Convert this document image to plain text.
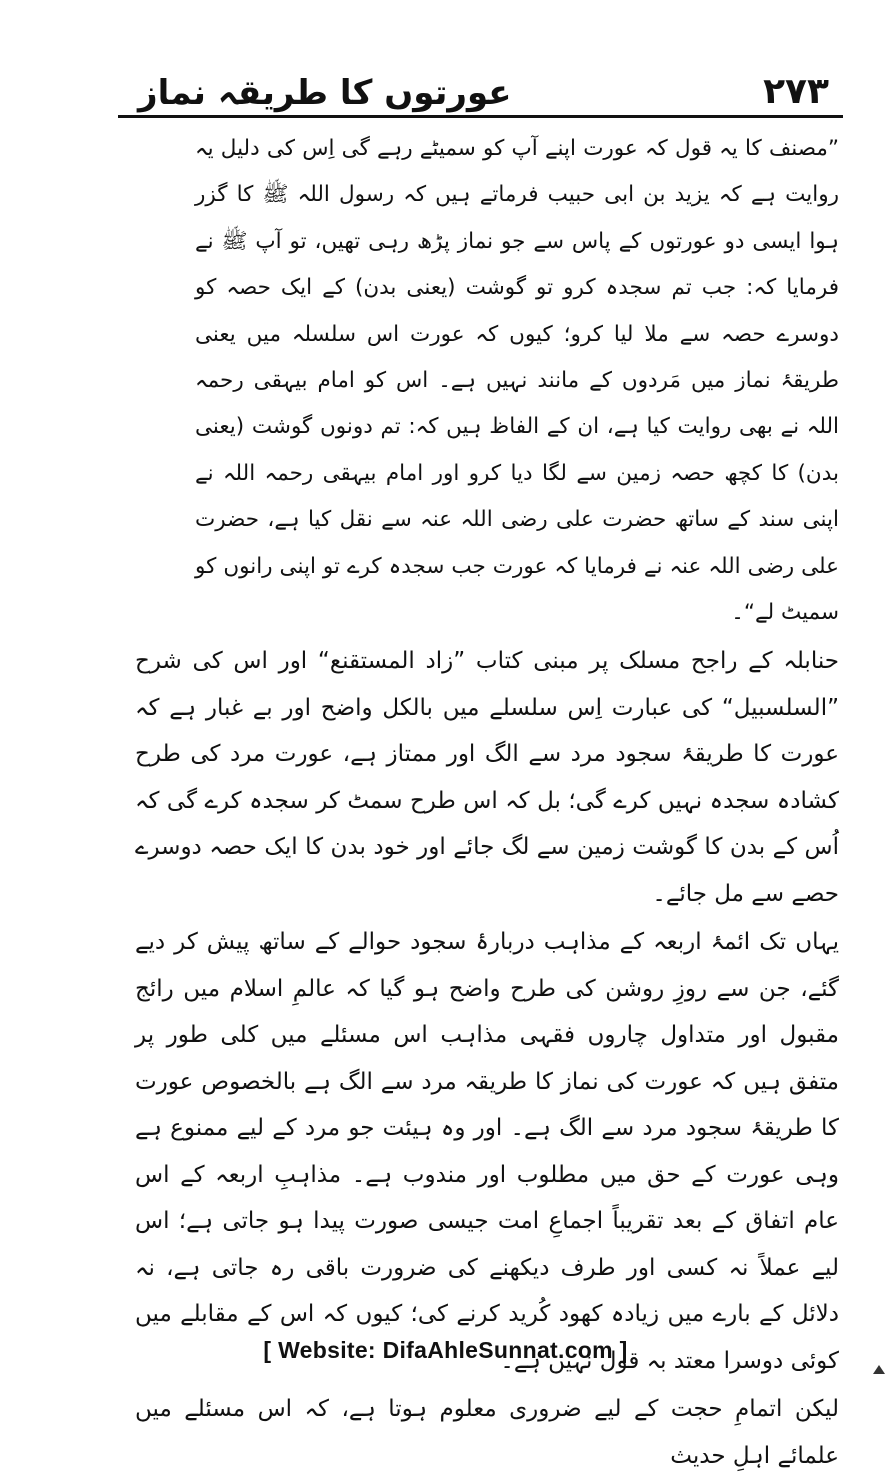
عورتوں کا طریقہ نماز	۲۷۳

”مصنف کا یہ قول کہ عورت اپنے آپ کو سمیٹے رہے گی اِس کی دلیل یہ روایت ہے کہ یزید بن ابی حبیب فرماتے ہیں کہ رسول اللہ ﷺ کا گزر ہوا ایسی دو عورتوں کے پاس سے جو نماز پڑھ رہی تھیں، تو آپ ﷺ نے فرمایا کہ: جب تم سجدہ کرو تو گوشت (یعنی بدن) کے ایک حصہ کو دوسرے حصہ سے ملا لیا کرو؛ کیوں کہ عورت اس سلسلہ میں یعنی طریقۂ نماز میں مَردوں کے مانند نہیں ہے۔ اس کو امام بیہقی رحمہ اللہ نے بھی روایت کیا ہے، ان کے الفاظ ہیں کہ: تم دونوں گوشت (یعنی بدن) کا کچھ حصہ زمین سے لگا دیا کرو اور امام بیہقی رحمہ اللہ نے اپنی سند کے ساتھ حضرت علی رضی اللہ عنہ سے نقل کیا ہے، حضرت علی رضی اللہ عنہ نے فرمایا کہ عورت جب سجدہ کرے تو اپنی رانوں کو سمیٹ لے“۔

حنابلہ کے راجح مسلک پر مبنی کتاب ”زاد المستقنع“ اور اس کی شرح ”السلسبیل“ کی عبارت اِس سلسلے میں بالکل واضح اور بے غبار ہے کہ عورت کا طریقۂ سجود مرد سے الگ اور ممتاز ہے، عورت مرد کی طرح کشادہ سجدہ نہیں کرے گی؛ بل کہ اس طرح سمٹ کر سجدہ کرے گی کہ اُس کے بدن کا گوشت زمین سے لگ جائے اور خود بدن کا ایک حصہ دوسرے حصے سے مل جائے۔

یہاں تک ائمۂ اربعہ کے مذاہب دربارۂ سجود حوالے کے ساتھ پیش کر دیے گئے، جن سے روزِ روشن کی طرح واضح ہو گیا کہ عالمِ اسلام میں رائج مقبول اور متداول چاروں فقہی مذاہب اس مسئلے میں کلی طور پر متفق ہیں کہ عورت کی نماز کا طریقہ مرد سے الگ ہے بالخصوص عورت کا طریقۂ سجود مرد سے الگ ہے۔ اور وہ ہیئت جو مرد کے لیے ممنوع ہے وہی عورت کے حق میں مطلوب اور مندوب ہے۔ مذاہبِ اربعہ کے اس عام اتفاق کے بعد تقریباً اجماعِ امت جیسی صورت پیدا ہو جاتی ہے؛ اس لیے عملاً نہ کسی اور طرف دیکھنے کی ضرورت باقی رہ جاتی ہے، نہ دلائل کے بارے میں زیادہ کھود کُرید کرنے کی؛ کیوں کہ اس کے مقابلے میں کوئی دوسرا معتد بہ قول نہیں ہے۔

لیکن اتمامِ حجت کے لیے ضروری معلوم ہوتا ہے، کہ اس مسئلے میں علمائے اہلِ حدیث

[ Website: DifaAhleSunnat.com ]
